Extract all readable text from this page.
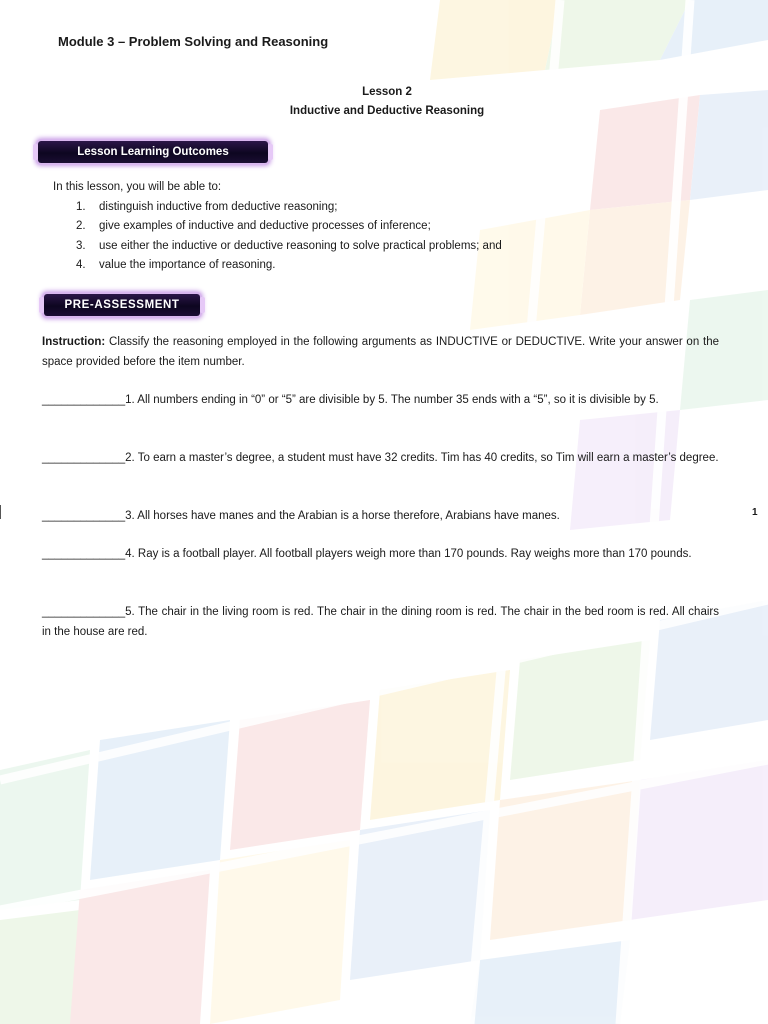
Module 3 – Problem Solving and Reasoning
Lesson 2
Inductive and Deductive Reasoning
Lesson Learning Outcomes
In this lesson, you will be able to:
1.	distinguish inductive from deductive reasoning;
2.	give examples of inductive and deductive processes of inference;
3.	use either the inductive or deductive reasoning to solve practical problems; and
4.	value the importance of reasoning.
PRE-ASSESSMENT
Instruction: Classify the reasoning employed in the following arguments as INDUCTIVE or DEDUCTIVE. Write your answer on the space provided before the item number.
_____________1. All numbers ending in “0” or “5” are divisible by 5. The number 35 ends with a “5”, so it is divisible by 5.
_____________2. To earn a master’s degree, a student must have 32 credits. Tim has 40 credits, so Tim will earn a master’s degree.
_____________3. All horses have manes and the Arabian is a horse therefore, Arabians have manes.
_____________4. Ray is a football player. All football players weigh more than 170 pounds. Ray weighs more than 170 pounds.
_____________5. The chair in the living room is red. The chair in the dining room is red. The chair in the bed room is red. All chairs in the house are red.
1
